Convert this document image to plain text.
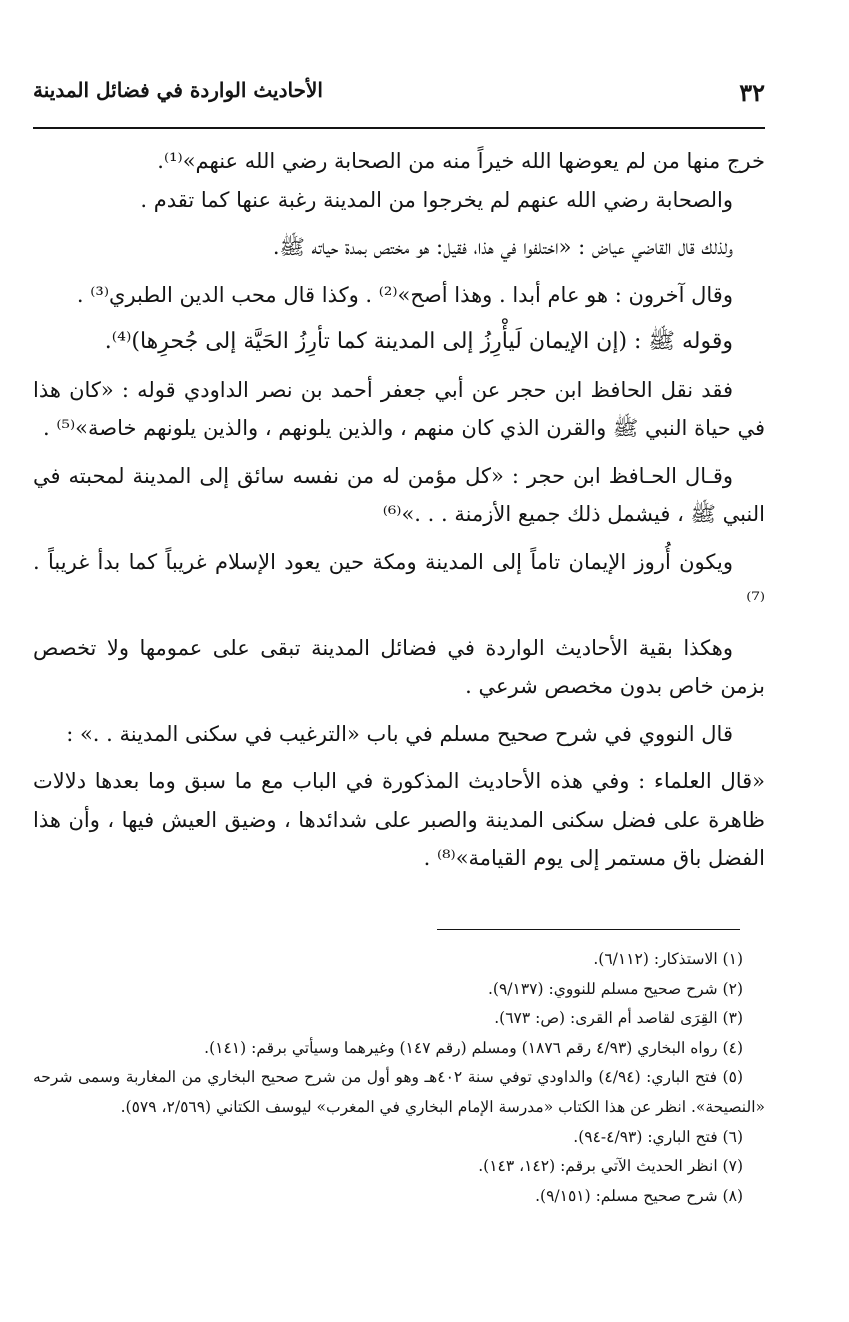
٣٢
الأحاديث الواردة في فضائل المدينة

خرج منها من لم يعوضها الله خيراً منه من الصحابة رضي الله عنهم»⁽¹⁾.

والصحابة رضي الله عنهم لم يخرجوا من المدينة رغبة عنها كما تقدم .

ولذلك قال القاضي عياض : «اختلفوا في هذا، فقيل: هو مختص بمدة حياته ﷺ.

وقال آخرون : هو عام أبدا . وهذا أصح»⁽²⁾ . وكذا قال محب الدين الطبري⁽³⁾ .

وقوله ﷺ : (إن الإيمان لَيأْرِزُ إلى المدينة كما تأرِزُ الحَيَّة إلى جُحرِها)⁽⁴⁾.

فقد نقل الحافظ ابن حجر عن أبي جعفر أحمد بن نصر الداودي قوله : «كان هذا في حياة النبي ﷺ والقرن الذي كان منهم ، والذين يلونهم ، والذين يلونهم خاصة»⁽⁵⁾ .

وقـال الحـافظ ابن حجر : «كل مؤمن له من نفسه سائق إلى المدينة لمحبته في النبي ﷺ ، فيشمل ذلك جميع الأزمنة . . .»⁽⁶⁾

ويكون أُروز الإيمان تاماً إلى المدينة ومكة حين يعود الإسلام غريباً كما بدأ غريباً . ⁽⁷⁾

وهكذا بقية الأحاديث الواردة في فضائل المدينة تبقى على عمومها ولا تخصص بزمن خاص بدون مخصص شرعي .

قال النووي في شرح صحيح مسلم في باب «الترغيب في سكنى المدينة . .» :

«قال العلماء : وفي هذه الأحاديث المذكورة في الباب مع ما سبق وما بعدها دلالات ظاهرة على فضل سكنى المدينة والصبر على شدائدها ، وضيق العيش فيها ، وأن هذا الفضل باق مستمر إلى يوم القيامة»⁽⁸⁾ .

(١) الاستذكار: (٦/١١٢).

(٢) شرح صحيح مسلم للنووي: (٩/١٣٧).

(٣) القِرَى لقاصد أم القرى: (ص: ٦٧٣).

(٤) رواه البخاري (٤/٩٣ رقم ١٨٧٦) ومسلم (رقم ١٤٧) وغيرهما وسيأتي برقم: (١٤١).

(٥) فتح الباري: (٤/٩٤) والداودي توفي سنة ٤٠٢هـ وهو أول من شرح صحيح البخاري من المغاربة وسمى شرحه «النصيحة». انظر عن هذا الكتاب «مدرسة الإمام البخاري في المغرب» ليوسف الكتاني (٢/٥٦٩، ٥٧٩).

(٦) فتح الباري: (٤/٩٣-٩٤).

(٧) انظر الحديث الآتي برقم: (١٤٢، ١٤٣).

(٨) شرح صحيح مسلم: (٩/١٥١).
